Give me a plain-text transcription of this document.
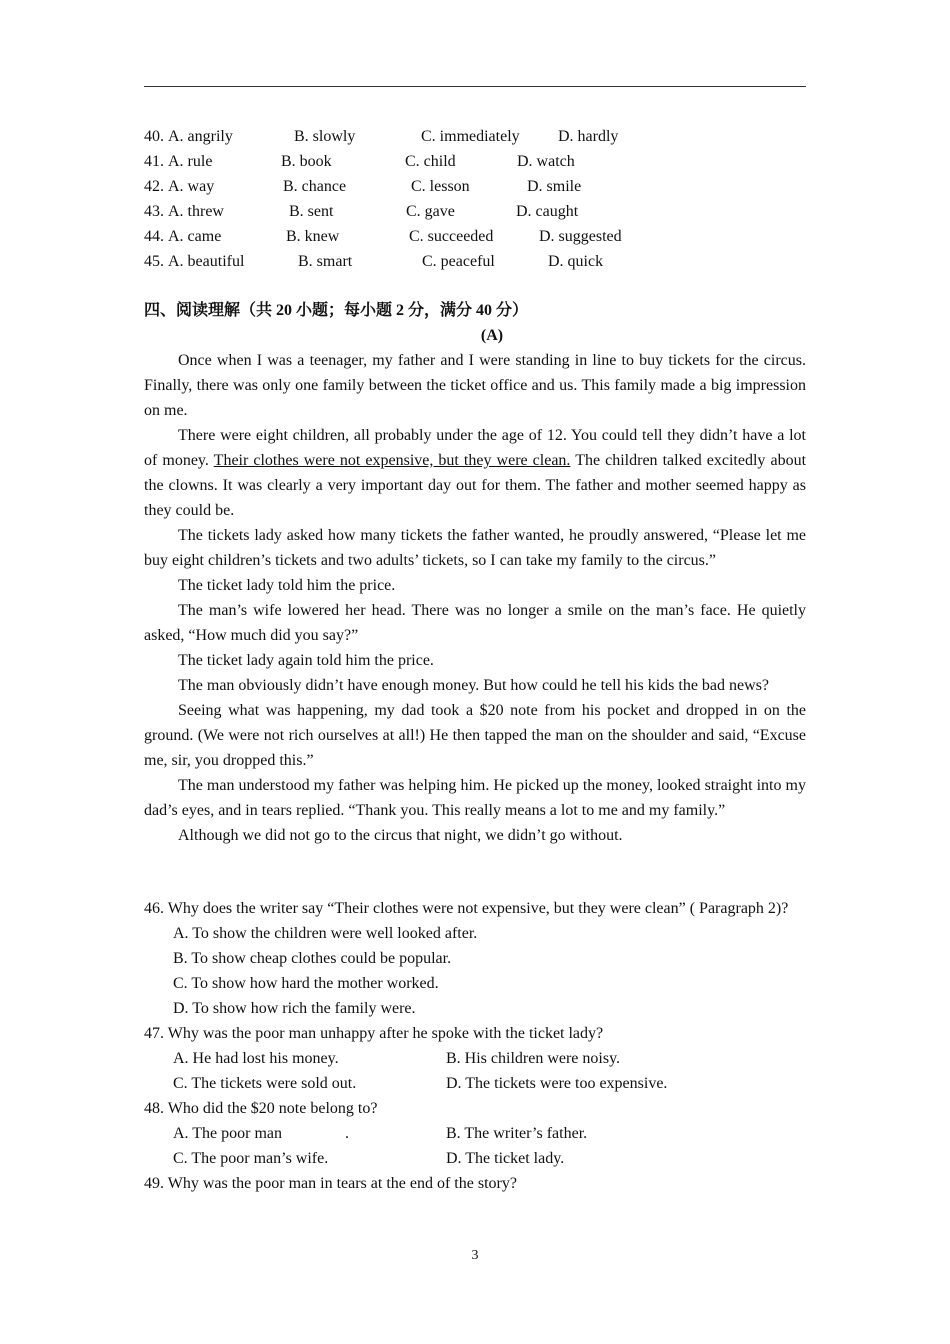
40. A. angrily	B. slowly	C. immediately D. hardly
41. A. rule	B. book	C. child	D. watch
42. A. way	B. chance	C. lesson	D. smile
43. A. threw	B. sent	C. gave	D. caught
44. A. came	B. knew	C. succeeded	D. suggested
45. A. beautiful	B. smart	C. peaceful	D. quick
四、阅读理解（共 20 小题；每小题 2 分，满分 40 分）
(A)

Once when I was a teenager, my father and I were standing in line to buy tickets for the circus. Finally, there was only one family between the ticket office and us. This family made a big impression on me.

There were eight children, all probably under the age of 12. You could tell they didn’t have a lot of money. Their clothes were not expensive, but they were clean. The children talked excitedly about the clowns. It was clearly a very important day out for them. The father and mother seemed happy as they could be.

The tickets lady asked how many tickets the father wanted, he proudly answered, “Please let me buy eight children’s tickets and two adults’ tickets, so I can take my family to the circus.”

The ticket lady told him the price.

The man’s wife lowered her head. There was no longer a smile on the man’s face. He quietly asked, “How much did you say?”

The ticket lady again told him the price.

The man obviously didn’t have enough money. But how could he tell his kids the bad news?

Seeing what was happening, my dad took a $20 note from his pocket and dropped in on the ground. (We were not rich ourselves at all!) He then tapped the man on the shoulder and said, “Excuse me, sir, you dropped this.”

The man understood my father was helping him. He picked up the money, looked straight into my dad’s eyes, and in tears replied. “Thank you. This really means a lot to me and my family.”

Although we did not go to the circus that night, we didn’t go without.

46. Why does the writer say “Their clothes were not expensive, but they were clean” ( Paragraph 2)?

A. To show the children were well looked after.
B. To show cheap clothes could be popular.
C. To show how hard the mother worked.
D. To show how rich the family were.

47. Why was the poor man unhappy after he spoke with the ticket lady?

A. He had lost his money.	B. His children were noisy.
C. The tickets were sold out.	D. The tickets were too expensive.

48. Who did the $20 note belong to?

A. The poor man	.	B. The writer’s father.
C. The poor man’s wife.	D. The ticket lady.

49. Why was the poor man in tears at the end of the story?

3
